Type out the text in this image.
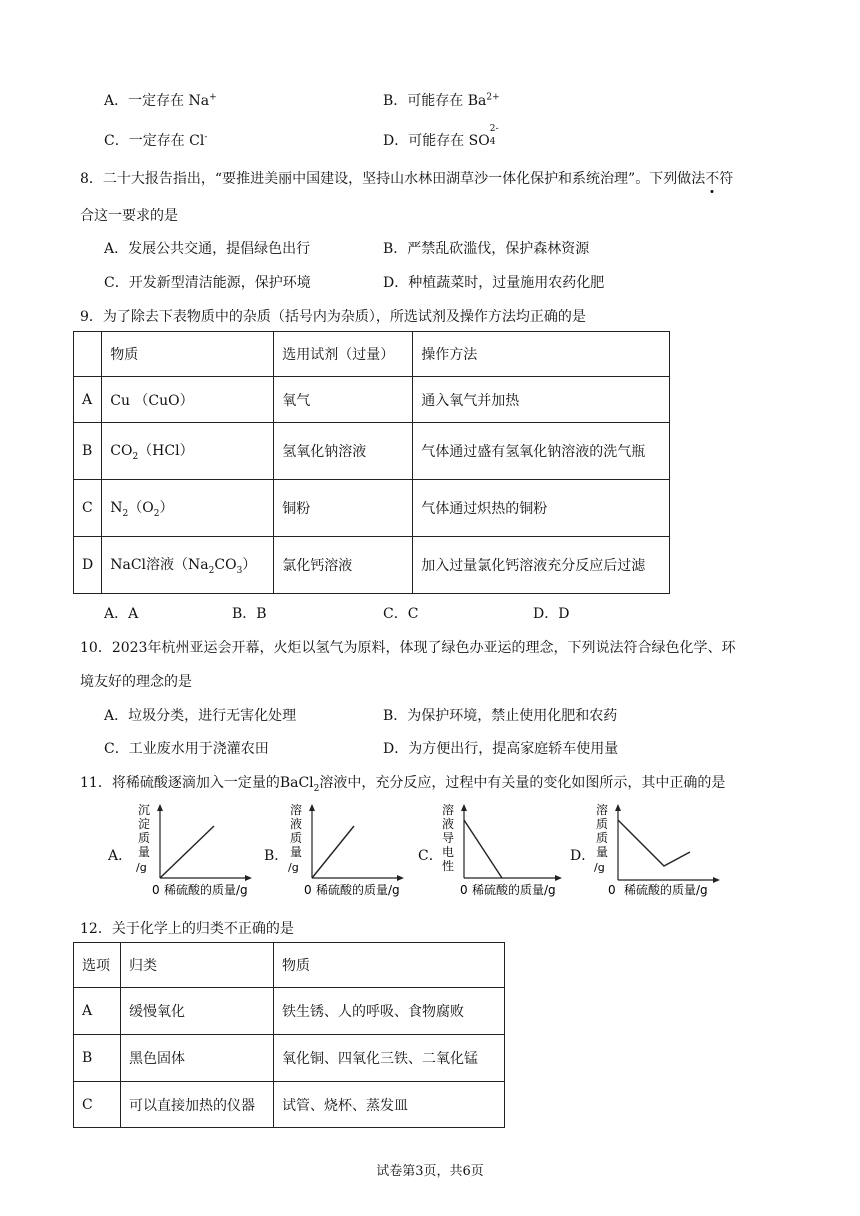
A．一定存在 Na+	B．可能存在 $Ba^{2+}$
C．一定存在 Cl-	D．可能存在 SO
2-
4
8．二十大报告指出，“要推进美丽中国建设，坚持山水林田湖草沙一体化保护和系统治理”。下列做法不符
合这一要求的是
A．发展公共交通，提倡绿色出行	B．严禁乱砍滥伐，保护森林资源
C．开发新型清洁能源，保护环境	D．种植蔬菜时，过量施用农药化肥
9．为了除去下表物质中的杂质（括号内为杂质），所选试剂及操作方法均正确的是
	物质	选用试剂（过量）	操作方法
A	Cu （CuO）	氧气	通入氧气并加热
B	$CO_2(HCl)$	氢氧化钠溶液	气体通过盛有氢氧化钠溶液的洗气瓶
C	$N_2(O_2)$	铜粉	气体通过炽热的铜粉
D	NaCl溶液$(Na_2CO_3)$	氯化钙溶液	加入过量氯化钙溶液充分反应后过滤
A．A	B．B	C．C	D．D
10．2023年杭州亚运会开幕，火炬以氢气为原料，体现了绿色办亚运的理念，下列说法符合绿色化学、环
境友好的理念的是
A．垃圾分类，进行无害化处理	B．为保护环境，禁止使用化肥和农药
C．工业废水用于浇灌农田	D．为方便出行，提高家庭轿车使用量
11．将稀硫酸逐滴加入一定量的BaCl$_2$溶液中，充分反应，过程中有关量的变化如图所示，其中正确的是
A．
沉
淀
质
量
/g
0 稀硫酸的质量/g
B．
溶
液
质
量
/g
0 稀硫酸的质量/g
C．
溶
液
导
电
性
0 稀硫酸的质量/g
D．
溶
质
质
量
/g
0 稀硫酸的质量/g
12．关于化学上的归类不正确的是
选项	归类	物质
A	缓慢氧化	铁生锈、人的呼吸、食物腐败
B	黑色固体	氧化铜、四氧化三铁、二氧化锰
C	可以直接加热的仪器	试管、烧杯、蒸发皿
试卷第3页，共6页
